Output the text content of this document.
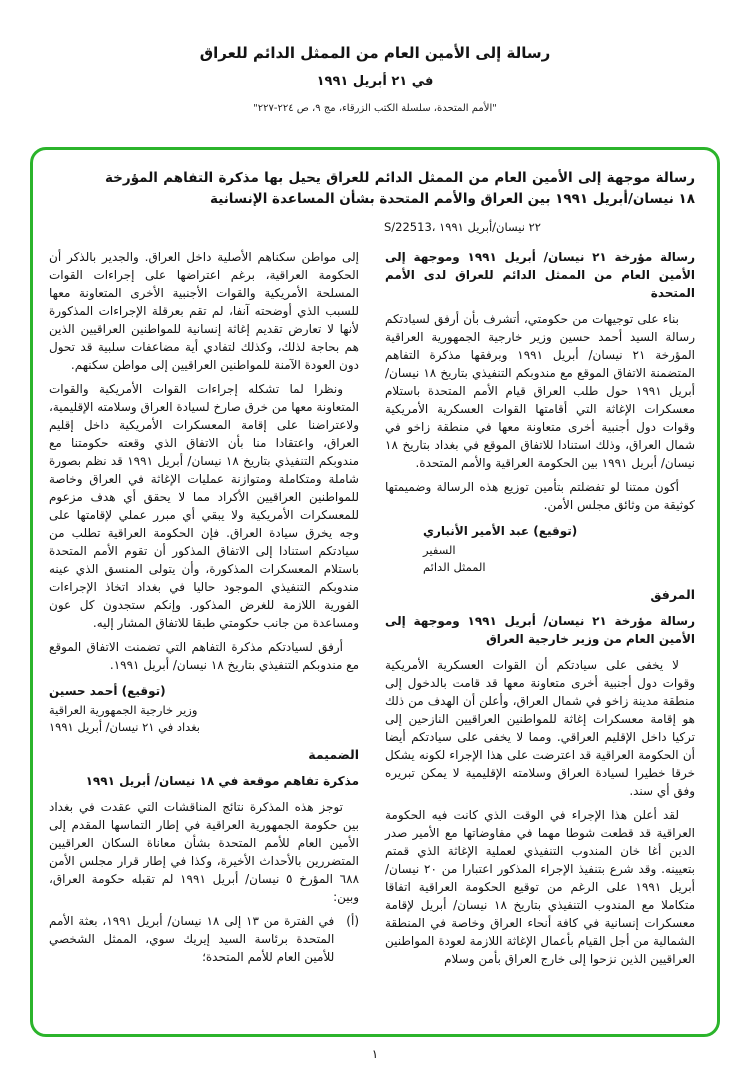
رسالة إلى الأمين العام من الممثل الدائم للعراق
في ٢١ أبريل ١٩٩١
"الأمم المتحدة، سلسلة الكتب الزرقاء، مج ٩، ص ٢٢٤-٢٢٧"
رسالة موجهة إلى الأمين العام من الممثل الدائم للعراق يحيل بها مذكرة التفاهم المؤرخة ١٨ نيسان/أبريل ١٩٩١ بين العراق والأمم المتحدة بشأن المساعدة الإنسانية
S/22513، ٢٢ نيسان/أبريل ١٩٩١
رسالة مؤرخة ٢١ نيسان/ أبريل ١٩٩١ وموجهة إلى الأمين العام من الممثل الدائم للعراق لدى الأمم المتحدة

بناء على توجيهات من حكومتي، أتشرف بأن أرفق لسيادتكم رسالة السيد أحمد حسين وزير خارجية الجمهورية العراقية المؤرخة ٢١ نيسان/ أبريل ١٩٩١ وبرفقها مذكرة التفاهم المتضمنة الاتفاق الموقع مع مندوبكم التنفيذي بتاريخ ١٨ نيسان/ أبريل ١٩٩١ حول طلب العراق قيام الأمم المتحدة باستلام معسكرات الإغاثة التي أقامتها القوات العسكرية الأمريكية وقوات دول أجنبية أخرى متعاونة معها في منطقة زاخو في شمال العراق، وذلك استنادا للاتفاق الموقع في بغداد بتاريخ ١٨ نيسان/ أبريل ١٩٩١ بين الحكومة العراقية والأمم المتحدة.

أكون ممتنا لو تفضلتم بتأمين توزيع هذه الرسالة وضميمتها كوثيقة من وثائق مجلس الأمن.

(توقيع) عبد الأمير الأنباري
السفير
الممثل الدائم
المرفق
رسالة مؤرخة ٢١ نيسان/ أبريل ١٩٩١ وموجهة إلى الأمين العام من وزير خارجية العراق

لا يخفى على سيادتكم أن القوات العسكرية الأمريكية وقوات دول أجنبية أخرى متعاونة معها قد قامت بالدخول إلى منطقة مدينة زاخو في شمال العراق، وأعلن أن الهدف من ذلك هو إقامة معسكرات إغاثة للمواطنين العراقيين النازحين إلى تركيا داخل الإقليم العراقي. ومما لا يخفى على سيادتكم أيضا أن الحكومة العراقية قد اعترضت على هذا الإجراء لكونه يشكل خرقا خطيرا لسيادة العراق وسلامته الإقليمية لا يمكن تبريره وفق أي سند.

لقد أعلن هذا الإجراء في الوقت الذي كانت فيه الحكومة العراقية قد قطعت شوطا مهما في مفاوضاتها مع الأمير صدر الدين أغا خان المندوب التنفيذي لعملية الإغاثة الذي قمتم بتعيينه. وقد شرع بتنفيذ الإجراء المذكور اعتبارا من ٢٠ نيسان/ أبريل ١٩٩١ على الرغم من توقيع الحكومة العراقية اتفاقا متكاملا مع المندوب التنفيذي بتاريخ ١٨ نيسان/ أبريل لإقامة معسكرات إنسانية في كافة أنحاء العراق وخاصة في المنطقة الشمالية من أجل القيام بأعمال الإغاثة اللازمة لعودة المواطنين العراقيين الذين نزحوا إلى خارج العراق بأمن وسلام

إلى مواطن سكناهم الأصلية داخل العراق. والجدير بالذكر أن الحكومة العراقية، برغم اعتراضها على إجراءات القوات المسلحة الأمريكية والقوات الأجنبية الأخرى المتعاونة معها للسبب الذي أوضحته آنفا، لم تقم بعرقلة الإجراءات المذكورة لأنها لا تعارض تقديم إغاثة إنسانية للمواطنين العراقيين الذين هم بحاجة لذلك، وكذلك لتفادي أية مضاعفات سلبية قد تحول دون العودة الآمنة للمواطنين العراقيين إلى مواطن سكنهم.

ونظرا لما تشكله إجراءات القوات الأمريكية والقوات المتعاونة معها من خرق صارخ لسيادة العراق وسلامته الإقليمية، ولاعتراضنا على إقامة المعسكرات الأمريكية داخل إقليم العراق، واعتقادا منا بأن الاتفاق الذي وقعته حكومتنا مع مندوبكم التنفيذي بتاريخ ١٨ نيسان/ أبريل ١٩٩١ قد نظم بصورة شاملة ومتكاملة ومتوازنة عمليات الإغاثة في العراق وخاصة للمواطنين العراقيين الأكراد مما لا يحقق أي هدف مزعوم للمعسكرات الأمريكية ولا يبقي أي مبرر عملي لإقامتها على وجه يخرق سيادة العراق. فإن الحكومة العراقية تطلب من سيادتكم استنادا إلى الاتفاق المذكور أن تقوم الأمم المتحدة باستلام المعسكرات المذكورة، وأن يتولى المنسق الذي عينه مندوبكم التنفيذي الموجود حاليا في بغداد اتخاذ الإجراءات الفورية اللازمة للغرض المذكور. وإنكم ستجدون كل عون ومساعدة من جانب حكومتي طبقا للاتفاق المشار إليه.

أرفق لسيادتكم مذكرة التفاهم التي تضمنت الاتفاق الموقع مع مندوبكم التنفيذي بتاريخ ١٨ نيسان/ أبريل ١٩٩١.

(توقيع) أحمد حسين
وزير خارجية الجمهورية العراقية
بغداد في ٢١ نيسان/ أبريل ١٩٩١
الضميمة
مذكرة تفاهم موقعة في ١٨ نيسان/ أبريل ١٩٩١

توجز هذه المذكرة نتائج المناقشات التي عقدت في بغداد بين حكومة الجمهورية العراقية في إطار التماسها المقدم إلى الأمين العام للأمم المتحدة بشأن معاناة السكان العراقيين المتضررين بالأحداث الأخيرة، وكذا في إطار قرار مجلس الأمن ٦٨٨ المؤرخ ٥ نيسان/ أبريل ١٩٩١ لم تقبله حكومة العراق، وبين:

(أ)
في الفترة من ١٣ إلى ١٨ نيسان/ أبريل ١٩٩١، بعثة الأمم المتحدة برئاسة السيد إيريك سوي، الممثل الشخصي للأمين العام للأمم المتحدة؛
١
